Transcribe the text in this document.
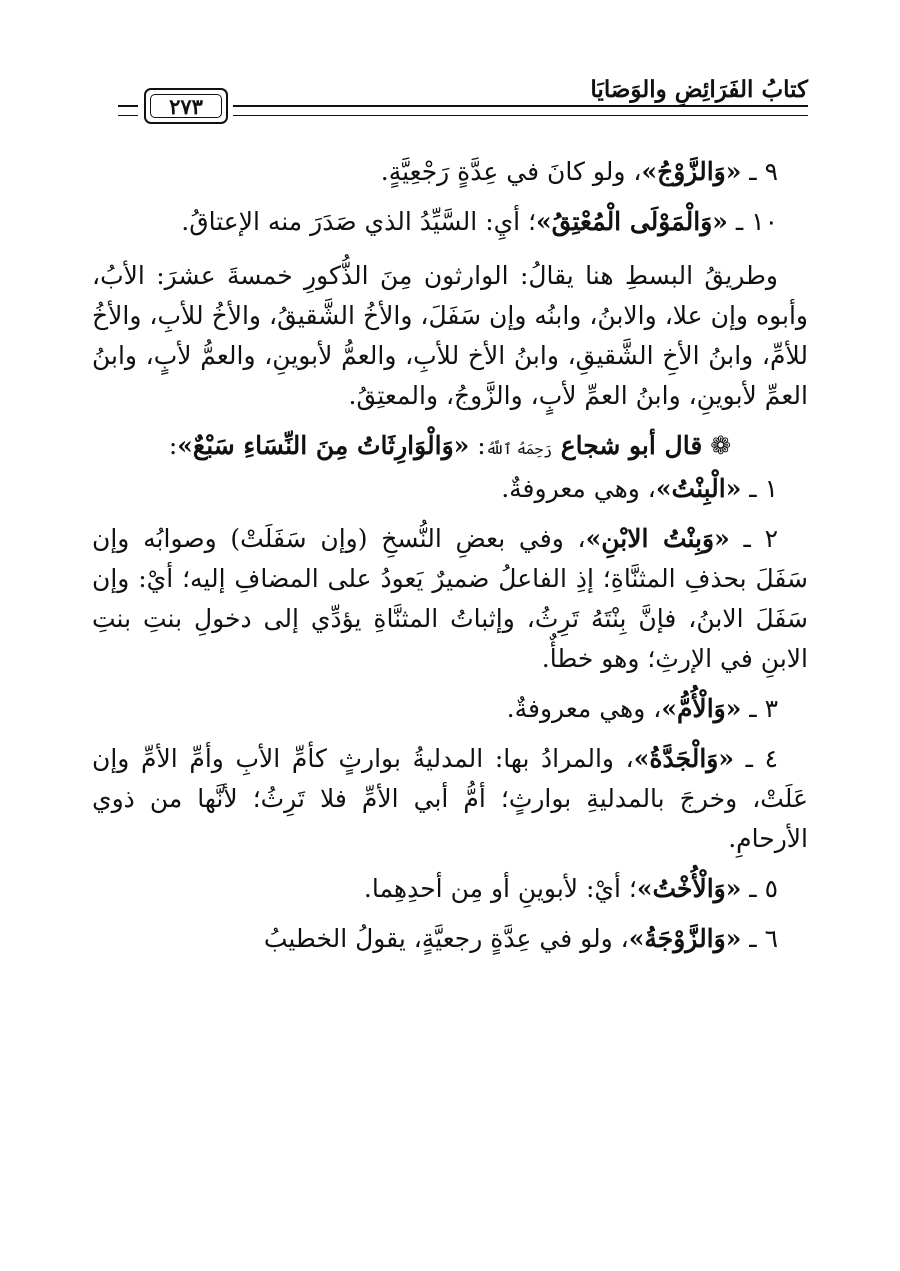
كتابُ الفَرَائِضِ والوَصَايَا
٢٧٣

٩ ـ «وَالزَّوْجُ»، ولو كانَ في عِدَّةٍ رَجْعِيَّةٍ.

١٠ ـ «وَالْمَوْلَى الْمُعْتِقُ»؛ أيِ: السَّيِّدُ الذي صَدَرَ منه الإعتاقُ.

وطريقُ البسطِ هنا يقالُ: الوارثون مِنَ الذُّكورِ خمسةَ عشرَ: الأبُ، وأبوه وإن علا، والابنُ، وابنُه وإن سَفَلَ، والأخُ الشَّقيقُ، والأخُ للأبِ، والأخُ للأمِّ، وابنُ الأخِ الشَّقيقِ، وابنُ الأخ للأبِ، والعمُّ لأبوينِ، والعمُّ لأبٍ، وابنُ العمِّ لأبوينِ، وابنُ العمِّ لأبٍ، والزَّوجُ، والمعتِقُ.

❁ قال أبو شجاع رَحِمَهُ ٱللَّهُ: «وَالْوَارِثَاتُ مِنَ النِّسَاءِ سَبْعٌ»:

١ ـ «الْبِنْتُ»، وهي معروفةٌ.

٢ ـ «وَبِنْتُ الابْنِ»، وفي بعضِ النُّسخِ (وإن سَفَلَتْ) وصوابُه وإن سَفَلَ بحذفِ المثنَّاةِ؛ إذِ الفاعلُ ضميرٌ يَعودُ على المضافِ إليه؛ أيْ: وإن سَفَلَ الابنُ، فإنَّ بِنْتَهُ تَرِثُ، وإثباتُ المثنَّاةِ يؤدِّي إلى دخولِ بنتِ بنتِ الابنِ في الإرثِ؛ وهو خطأٌ.

٣ ـ «وَالْأُمُّ»، وهي معروفةٌ.

٤ ـ «وَالْجَدَّةُ»، والمرادُ بها: المدليةُ بوارثٍ كأمِّ الأبِ وأمِّ الأمِّ وإن عَلَتْ، وخرجَ بالمدليةِ بوارثٍ؛ أمُّ أبي الأمِّ فلا تَرِثُ؛ لأنَّها من ذوي الأرحامِ.

٥ ـ «وَالْأُخْتُ»؛ أيْ: لأبوينِ أو مِن أحدِهِما.

٦ ـ «وَالزَّوْجَةُ»، ولو في عِدَّةٍ رجعيَّةٍ، يقولُ الخطيبُ
